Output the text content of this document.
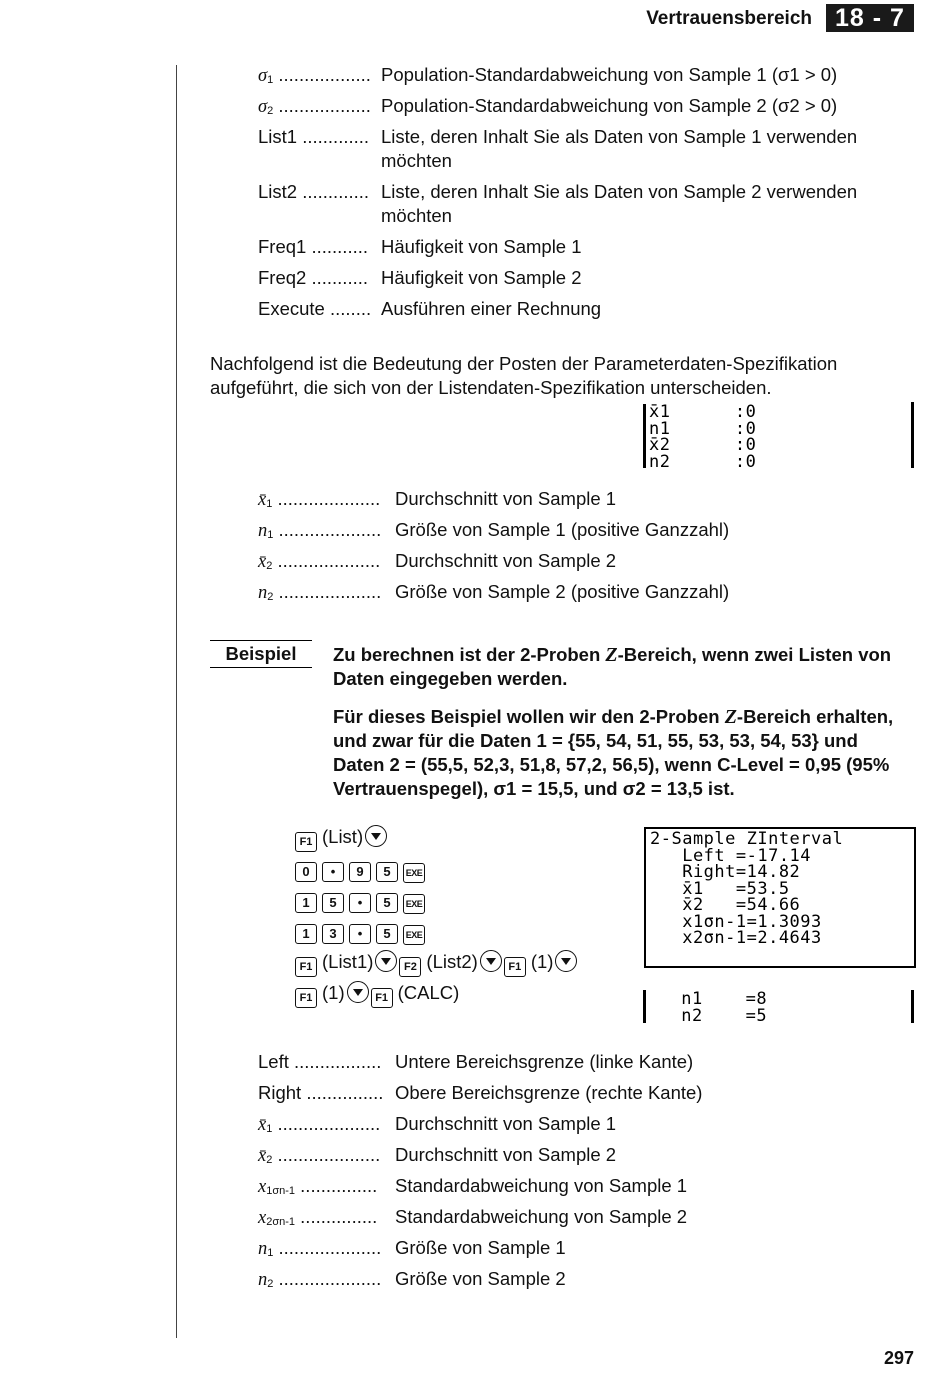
Vertrauensbereich 18 - 7
σ1 .................. Population-Standardabweichung von Sample 1 (σ1 > 0)
σ2 .................. Population-Standardabweichung von Sample 2 (σ2 > 0)
List1 ............. Liste, deren Inhalt Sie als Daten von Sample 1 verwenden möchten
List2 ............. Liste, deren Inhalt Sie als Daten von Sample 2 verwenden möchten
Freq1 ........... Häufigkeit von Sample 1
Freq2 ........... Häufigkeit von Sample 2
Execute ........ Ausführen einer Rechnung
Nachfolgend ist die Bedeutung der Posten der Parameterdaten-Spezifikation aufgeführt, die sich von der Listendaten-Spezifikation unterscheiden.
x̄1      :0
n1      :0
x̄2      :0
n2      :0
x̄1 .................... Durchschnitt von Sample 1
n1 .................... Größe von Sample 1 (positive Ganzzahl)
x̄2 .................... Durchschnitt von Sample 2
n2 .................... Größe von Sample 2 (positive Ganzzahl)
Beispiel	Zu berechnen ist der 2-Proben Z-Bereich, wenn zwei Listen von Daten eingegeben werden.
Für dieses Beispiel wollen wir den 2-Proben Z-Bereich erhalten, und zwar für die Daten 1 = {55, 54, 51, 55, 53, 53, 54, 53} und Daten 2 = (55,5, 52,3, 51,8, 57,2, 56,5), wenn C-Level = 0,95 (95% Vertrauenspegel), σ1 = 15,5, und σ2 = 13,5 ist.
F1 (List)
0 • 9 5 EXE
1 5 • 5 EXE
1 3 • 5 EXE
F1 (List1)	F2 (List2)	F1 (1)
F1 (1)	F1 (CALC)
2-Sample ZInterval
Left =-17.14
Right=14.82
x̄1   =53.5
x̄2   =54.66
x1σn-1=1.3093
x2σn-1=2.4643
n1    =8
n2    =5
Left ................. Untere Bereichsgrenze (linke Kante)
Right ............... Obere Bereichsgrenze (rechte Kante)
x̄1 .................... Durchschnitt von Sample 1
x̄2 .................... Durchschnitt von Sample 2
x1σn-1 ............... Standardabweichung von Sample 1
x2σn-1 ............... Standardabweichung von Sample 2
n1 .................... Größe von Sample 1
n2 .................... Größe von Sample 2
297
